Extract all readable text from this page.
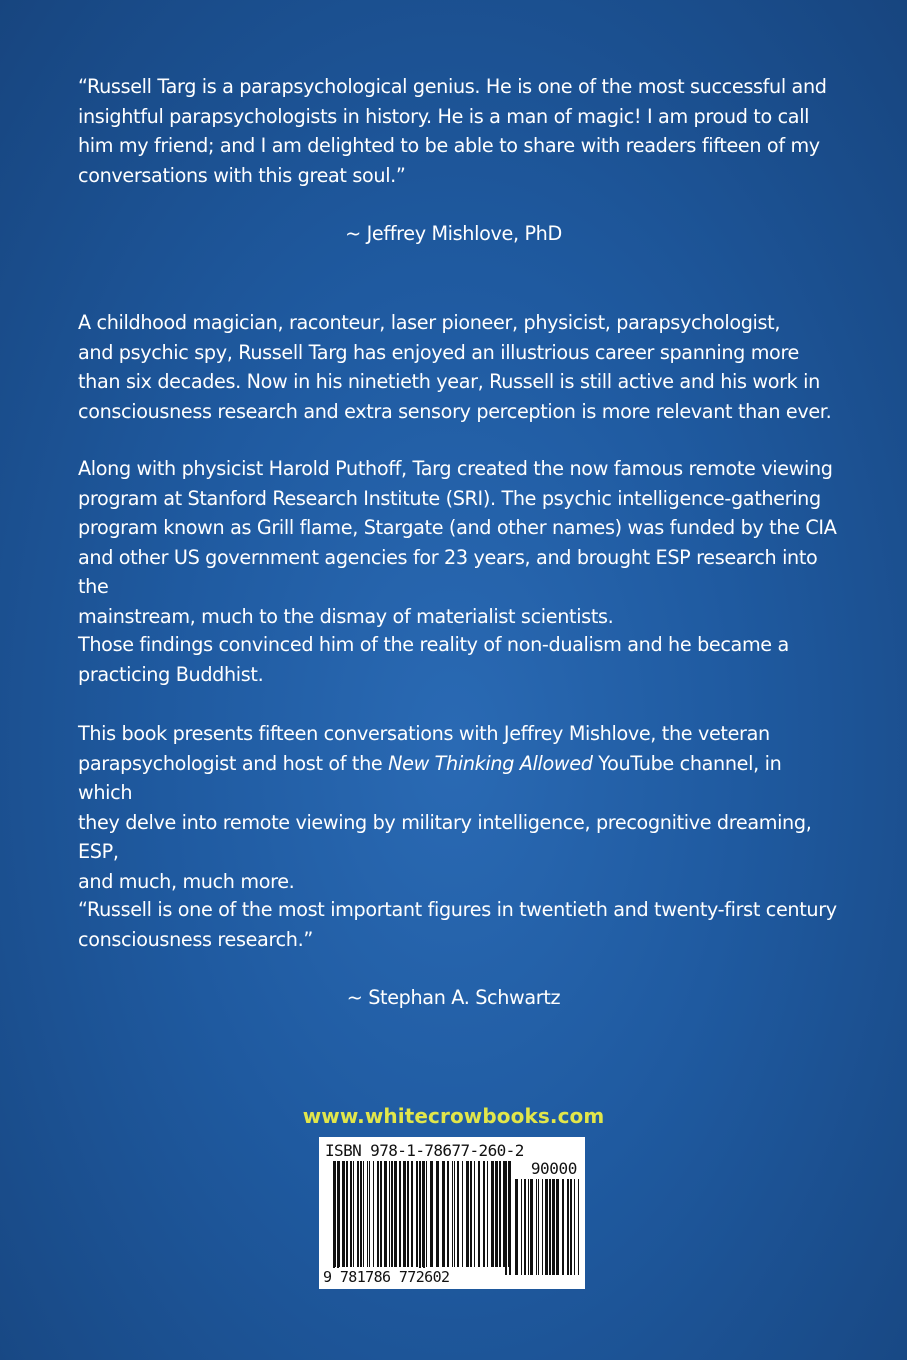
“Russell Targ is a parapsychological genius. He is one of the most successful and

insightful parapsychologists in history. He is a man of magic! I am proud to call

him my friend; and I am delighted to be able to share with readers fifteen of my

conversations with this great soul.”

~ Jeffrey Mishlove, PhD

A childhood magician, raconteur, laser pioneer, physicist, parapsychologist,

and psychic spy, Russell Targ has enjoyed an illustrious career spanning more

than six decades. Now in his ninetieth year, Russell is still active and his work in

consciousness research and extra sensory perception is more relevant than ever.

Along with physicist Harold Puthoff, Targ created the now famous remote viewing

program at Stanford Research Institute (SRI). The psychic intelligence-gathering

program known as Grill flame, Stargate (and other names) was funded by the CIA

and other US government agencies for 23 years, and brought ESP research into the

mainstream, much to the dismay of materialist scientists.

Those findings convinced him of the reality of non-dualism and he became a

practicing Buddhist.

This book presents fifteen conversations with Jeffrey Mishlove, the veteran

parapsychologist and host of the New Thinking Allowed YouTube channel, in which

they delve into remote viewing by military intelligence, precognitive dreaming, ESP,

and much, much more.

“Russell is one of the most important figures in twentieth and twenty-first century

consciousness research.”

~ Stephan A. Schwartz
www.whitecrowbooks.com
ISBN 978-1-78677-260-2
90000
9 781786 772602
